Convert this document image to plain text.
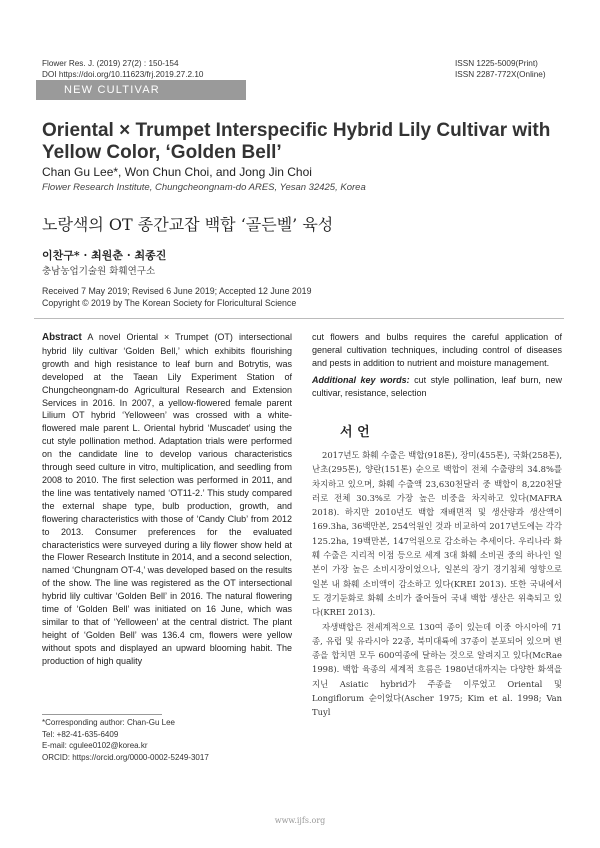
Flower Res. J. (2019) 27(2) : 150-154
DOI https://doi.org/10.11623/frj.2019.27.2.10
ISSN 1225-5009(Print)
ISSN 2287-772X(Online)
NEW CULTIVAR INTRODUCTION
Oriental × Trumpet Interspecific Hybrid Lily Cultivar with Yellow Color, ‘Golden Bell’
Chan Gu Lee*, Won Chun Choi, and Jong Jin Choi
Flower Research Institute, Chungcheongnam-do ARES, Yesan 32425, Korea
노랑색의 OT 종간교잡 백합 ‘골든벨’ 육성
이찬구* · 최원춘 · 최종진
충남농업기술원 화훼연구소
Received 7 May 2019; Revised 6 June 2019; Accepted 12 June 2019
Copyright © 2019 by The Korean Society for Floricultural Science

Abstract A novel Oriental × Trumpet (OT) intersectional hybrid lily cultivar ‘Golden Bell,’ which exhibits flourishing growth and high resistance to leaf burn and Botrytis, was developed at the Taean Lily Experiment Station of Chungcheongnam-do Agricultural Research and Extension Services in 2016. In 2007, a yellow-flowered female parent Lilium OT hybrid ‘Yelloween’ was crossed with a white-flowered male parent L. Oriental hybrid ‘Muscadet’ using the cut style pollination method. Adaptation trials were performed on the candidate line to develop various characteristics through seed culture in vitro, multiplication, and seedling from 2008 to 2010. The first selection was performed in 2011, and the line was tentatively named ‘OT11-2.’ This study compared the external shape type, bulb production, growth, and flowering characteristics with those of ‘Candy Club’ from 2012 to 2013. Consumer preferences for the evaluated characteristics were surveyed during a lily flower show held at the Flower Research Institute in 2014, and a second selection, named ‘Chungnam OT-4,’ was developed based on the results of the show. The line was registered as the OT intersectional hybrid lily cultivar ‘Golden Bell’ in 2016. The natural flowering time of ‘Golden Bell’ was initiated on 16 June, which was similar to that of ‘Yelloween’ at the central district. The plant height of ‘Golden Bell’ was 136.4 cm, flowers were yellow without spots and displayed an upward blooming habit. The production of high quality

cut flowers and bulbs requires the careful application of general cultivation techniques, including control of diseases and pests in addition to nutrient and moisture management.

Additional key words: cut style pollination, leaf burn, new cultivar, resistance, selection

서 언

2017년도 화훼 수출은 백합(918톤), 장미(455톤), 국화(258톤), 난초(295톤), 양란(151톤) 순으로 백합이 전체 수출량의 34.8%를 차지하고 있으며, 화훼 수출액 23,630천달러 중 백합이 8,220천달러로 전체 30.3%로 가장 높은 비중을 차지하고 있다(MAFRA 2018). 하지만 2010년도 백합 재배면적 및 생산량과 생산액이 169.3ha, 36백만본, 254억원인 것과 비교하여 2017년도에는 각각 125.2ha, 19백만본, 147억원으로 감소하는 추세이다. 우리나라 화훼 수출은 지리적 이점 등으로 세계 3대 화훼 소비권 중의 하나인 일본이 가장 높은 소비시장이었으나, 일본의 장기 경기침체 영향으로 일본 내 화훼 소비액이 감소하고 있다(KREI 2013). 또한 국내에서도 경기둔화로 화훼 소비가 줄어들어 국내 백합 생산은 위축되고 있다(KREI 2013).

자생백합은 전세계적으로 130여 종이 있는데 이중 아시아에 71종, 유럽 및 유라시아 22종, 북미대륙에 37종이 분포되어 있으며 변종을 합치면 모두 600여종에 달하는 것으로 알려지고 있다(McRae 1998). 백합 육종의 세계적 흐름은 1980년대까지는 다양한 화색을 지닌 Asiatic hybrid가 주종을 이루었고 Oriental 및 Longiflorum 순이었다(Ascher 1975; Kim et al. 1998; Van Tuyl

*Corresponding author: Chan-Gu Lee
Tel: +82-41-635-6409
E-mail: cgulee0102@korea.kr
ORCID: https://orcid.org/0000-0002-5249-3017
www.ijfs.org
